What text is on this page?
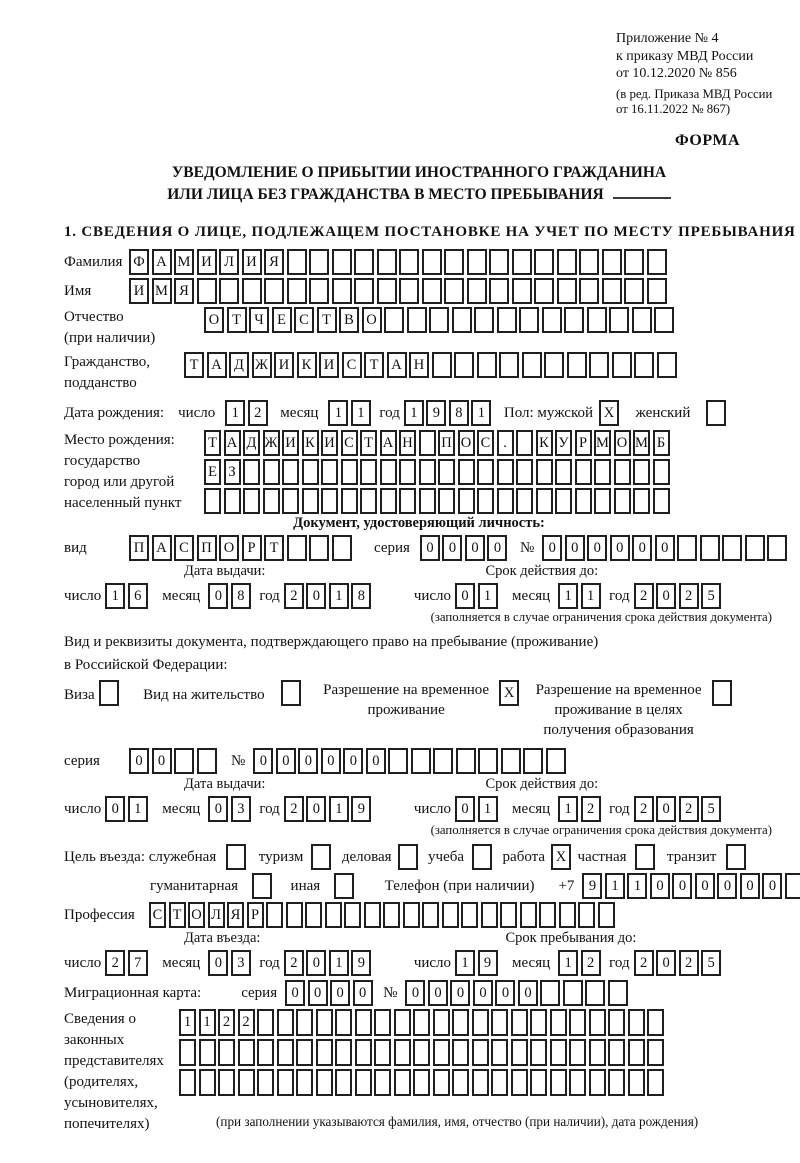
Приложение № 4
к приказу МВД России
от 10.12.2020 № 856
(в ред. Приказа МВД России
от 16.11.2022 № 867)
ФОРМА
УВЕДОМЛЕНИЕ О ПРИБЫТИИ ИНОСТРАННОГО ГРАЖДАНИНА
ИЛИ ЛИЦА БЕЗ ГРАЖДАНСТВА В МЕСТО ПРЕБЫВАНИЯ
1. СВЕДЕНИЯ О ЛИЦЕ, ПОДЛЕЖАЩЕМ ПОСТАНОВКЕ НА УЧЕТ ПО МЕСТУ ПРЕБЫВАНИЯ
Фамилия Ф А М И Л И Я
Имя	И М Я
Отчество
(при наличии)
О Т Ч Е С Т В О
Гражданство,
подданство
Т А Д Ж И К И С Т А Н
Дата рождения: число	1	2	месяц	1	1 год 1	9	8	1	Пол: мужской X	женский
Место рождения:
государство
город или другой
населенный пункт
Т А Д Ж И К И С Т А Н П О С .	К У Р М О М Б
Е З
Документ, удостоверяющий личность:
вид	П А С П О Р Т	серия	0	0	0	0	№ 0	0	0	0	0	0
Дата выдачи:	Срок действия до:
число 1	6	месяц 0	8 год 2	0	1	8	число 0	1	месяц 1	1 год 2	0	2	5
(заполняется в случае ограничения срока действия документа)
Вид и реквизиты документа, подтверждающего право на пребывание (проживание)
в Российской Федерации:
Виза	Вид на жительство	Разрешение на временное
проживание
X	Разрешение на временное
проживание в целях
получения образования
серия	0	0	№ 0	0	0	0	0	0
Дата выдачи:	Срок действия до:
число 0	1	месяц 0	3 год 2	0	1	9	число 0	1	месяц 1	2 год 2	0	2	5
(заполняется в случае ограничения срока действия документа)
Цель въезда: служебная	туризм	деловая учеба	работа X частная	транзит
гуманитарная	иная	Телефон (при наличии) +7 9	1	1	0	0	0	0	0	0
Профессия	С Т О Л Я Р
Дата въезда:	Срок пребывания до:
число 2	7	месяц 0	3 год 2	0	1	9	число 1	9	месяц 1	2 год 2	0	2	5
Миграционная карта:	серия 0	0	0	0	№ 0	0	0	0	0	0
Сведения о
законных
представителях
(родителях,
усыновителях,
попечителях)
1 1 2 2
(при заполнении указываются фамилия, имя, отчество (при наличии), дата рождения)
